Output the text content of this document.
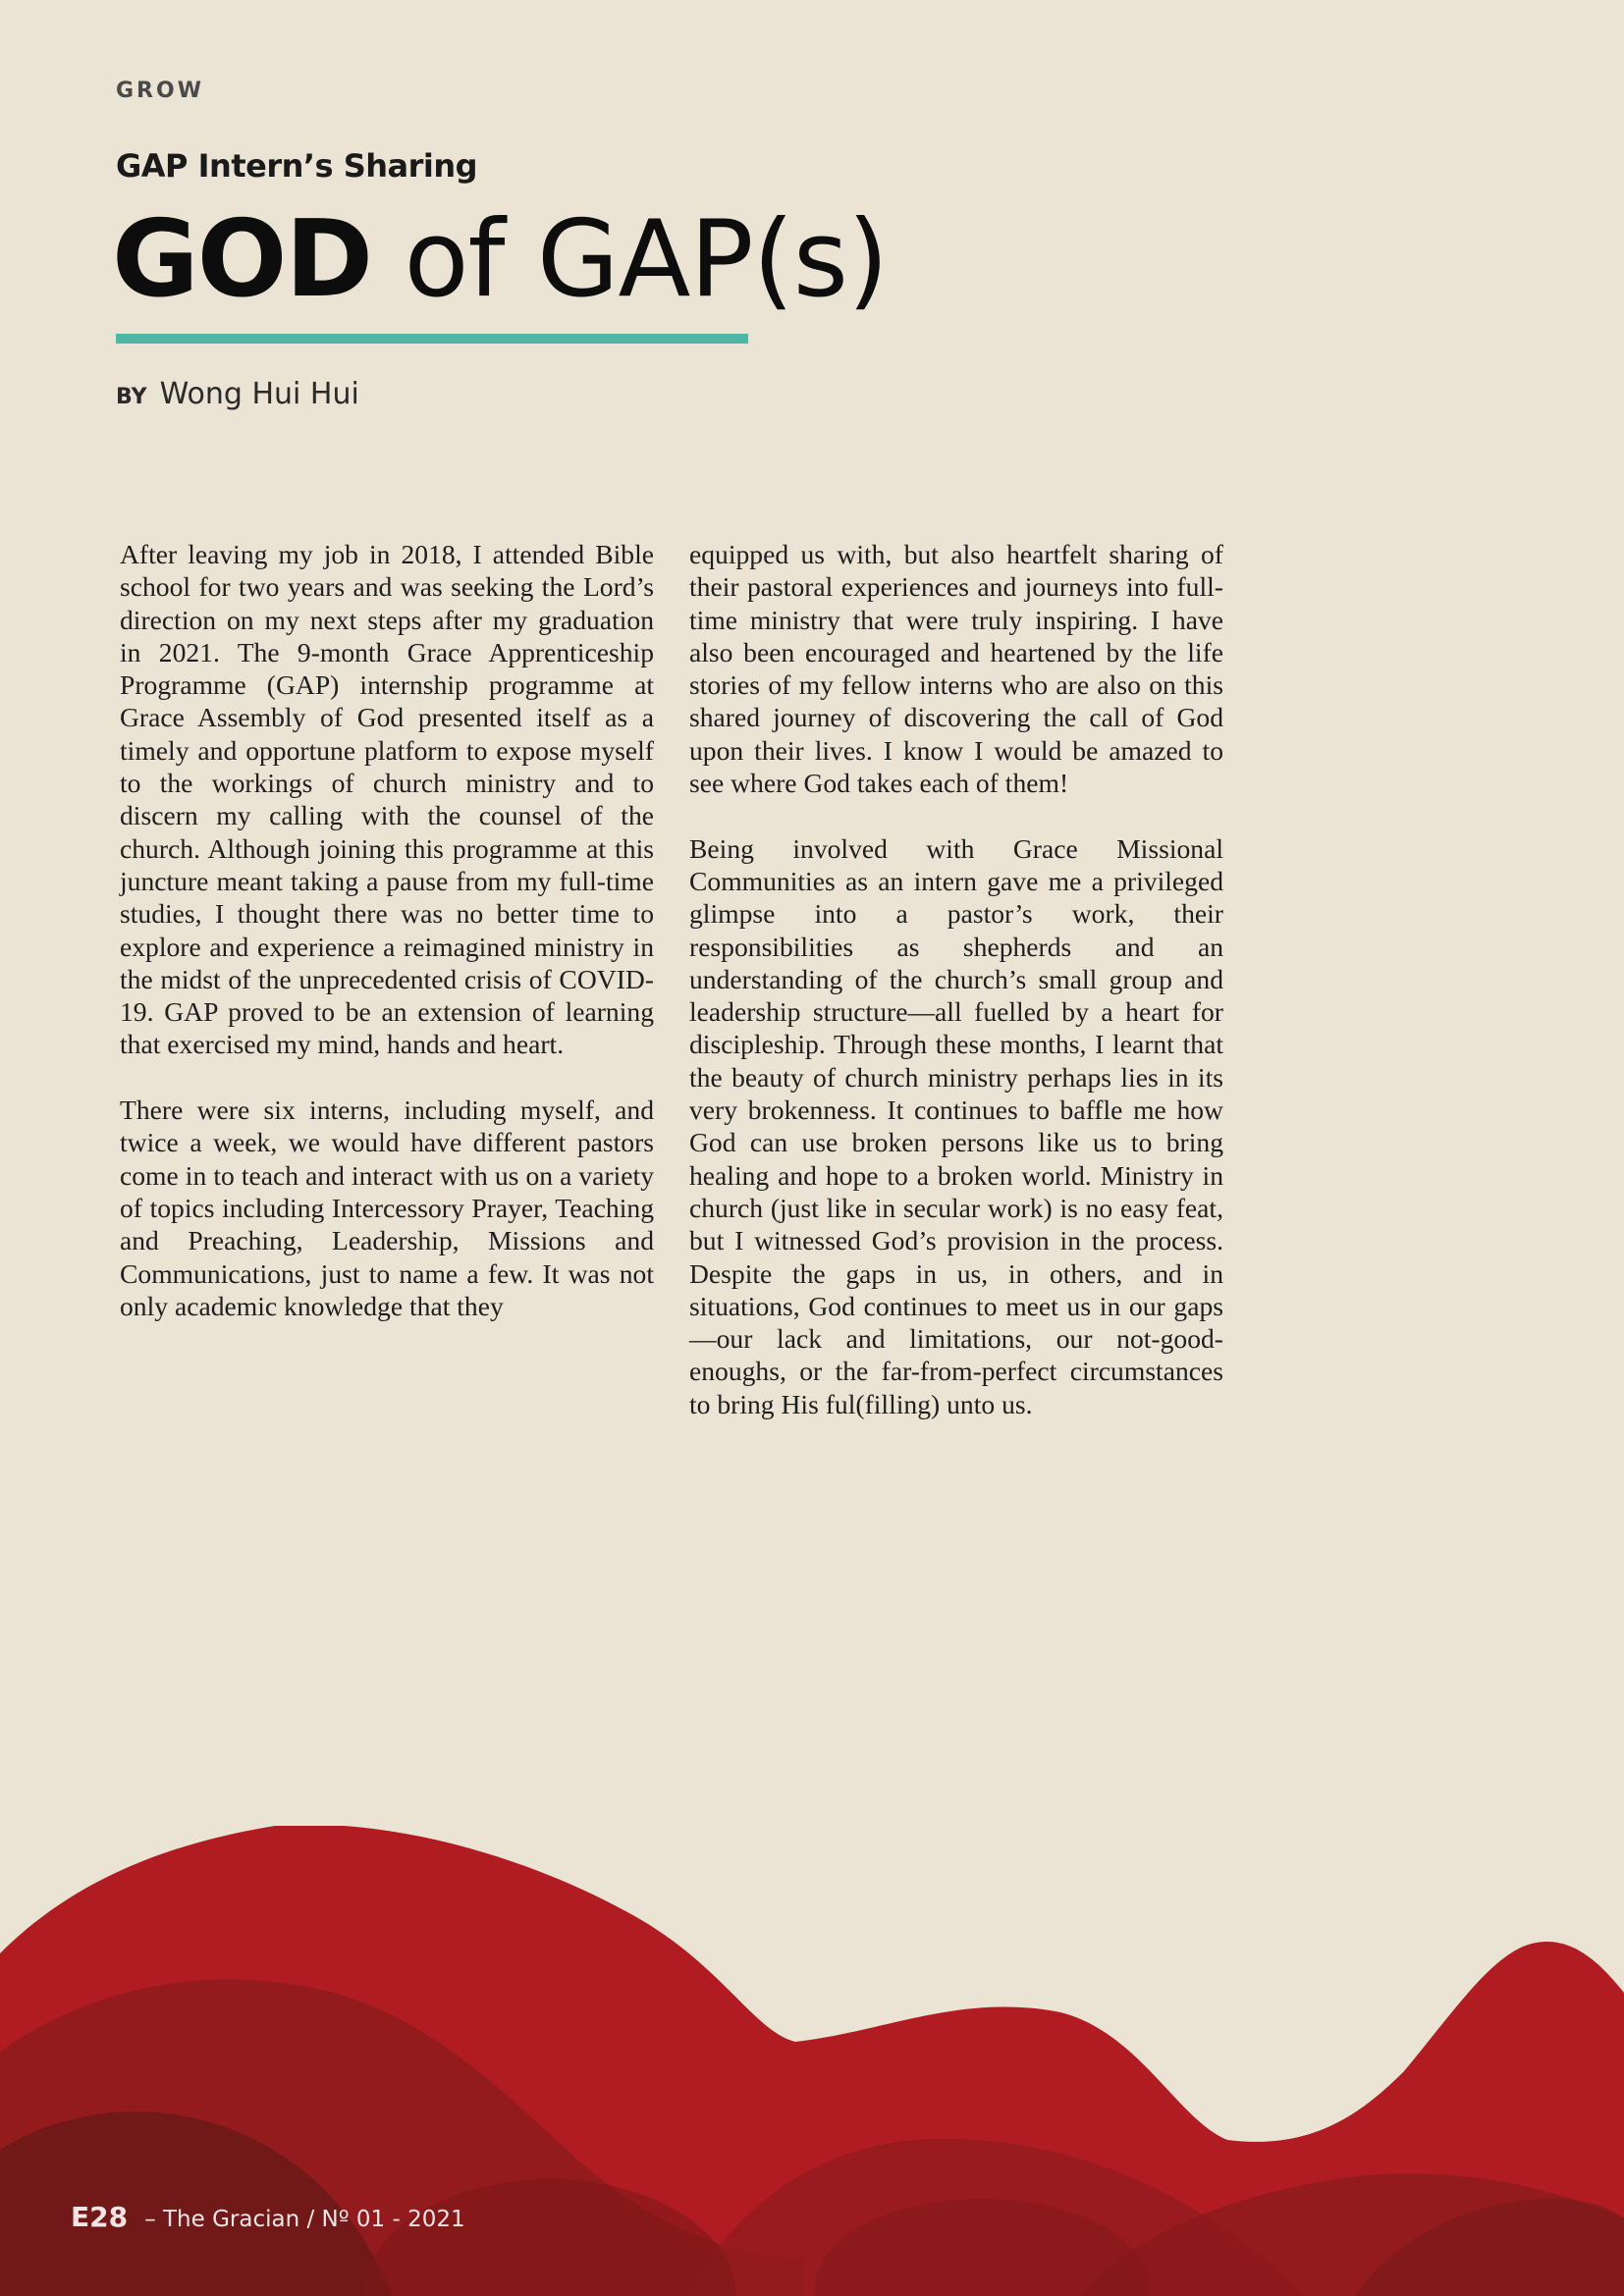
GROW
GAP Intern’s Sharing
GOD of GAP(s)
BY Wong Hui Hui

After leaving my job in 2018, I attended Bible school for two years and was seeking the Lord’s direction on my next steps after my graduation in 2021. The 9-month Grace Apprenticeship Programme (GAP) internship programme at Grace Assembly of God presented itself as a timely and opportune platform to expose myself to the workings of church ministry and to discern my calling with the counsel of the church. Although joining this programme at this juncture meant taking a pause from my full-time studies, I thought there was no better time to explore and experience a reimagined ministry in the midst of the unprecedented crisis of COVID-19. GAP proved to be an extension of learning that exercised my mind, hands and heart.

There were six interns, including myself, and twice a week, we would have different pastors come in to teach and interact with us on a variety of topics including Intercessory Prayer, Teaching and Preaching, Leadership, Missions and Communications, just to name a few. It was not only academic knowledge that they

equipped us with, but also heartfelt sharing of their pastoral experiences and journeys into full-time ministry that were truly inspiring. I have also been encouraged and heartened by the life stories of my fellow interns who are also on this shared journey of discovering the call of God upon their lives. I know I would be amazed to see where God takes each of them!

Being involved with Grace Missional Communities as an intern gave me a privileged glimpse into a pastor’s work, their responsibilities as shepherds and an understanding of the church’s small group and leadership structure—all fuelled by a heart for discipleship. Through these months, I learnt that the beauty of church ministry perhaps lies in its very brokenness. It continues to baffle me how God can use broken persons like us to bring healing and hope to a broken world. Ministry in church (just like in secular work) is no easy feat, but I witnessed God’s provision in the process. Despite the gaps in us, in others, and in situations, God continues to meet us in our gaps—our lack and limitations, our not-good-enoughs, or the far-from-perfect circumstances to bring His ful(filling) unto us.

E28 – The Gracian / Nº 01 - 2021
